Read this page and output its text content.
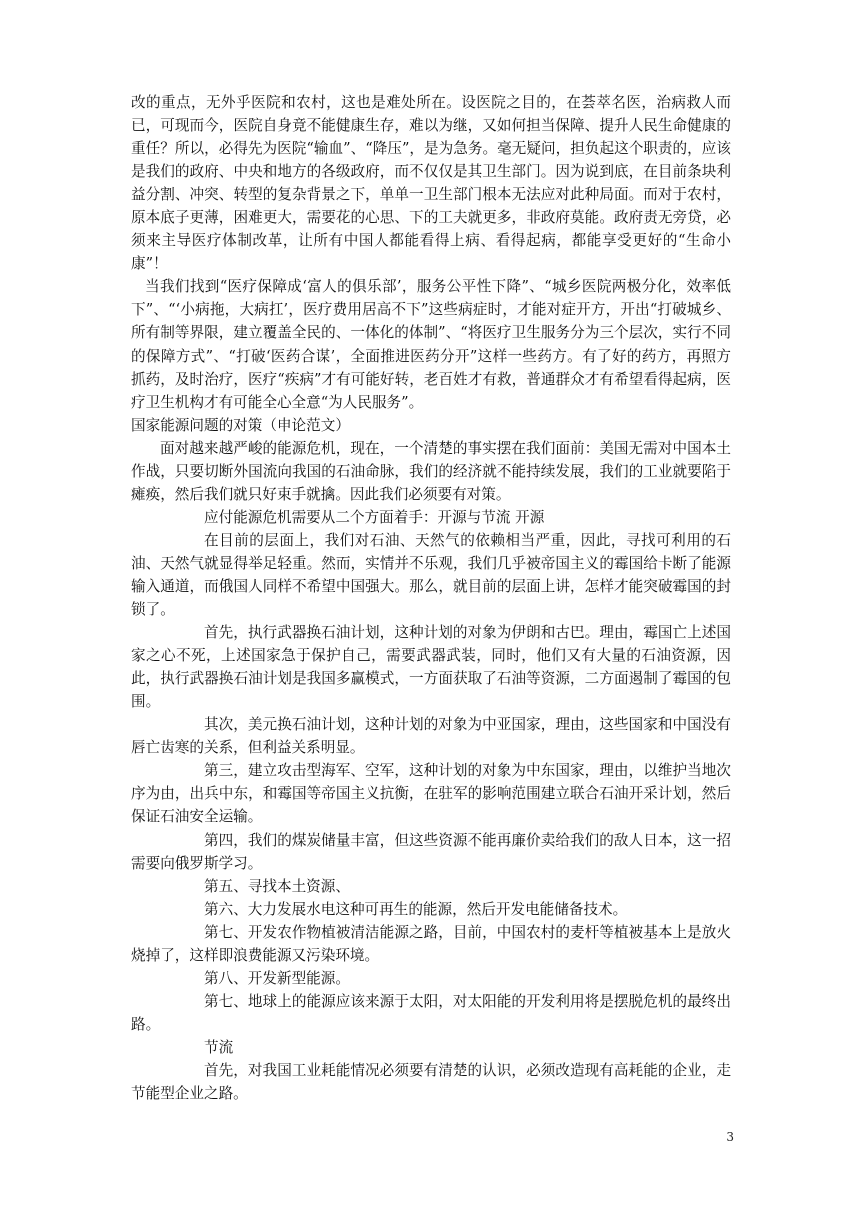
改的重点，无外乎医院和农村，这也是难处所在。设医院之目的，在荟萃名医，治病救人而已，可现而今，医院自身竟不能健康生存，难以为继，又如何担当保障、提升人民生命健康的重任？所以，必得先为医院“输血”、“降压”，是为急务。毫无疑问，担负起这个职责的，应该是我们的政府、中央和地方的各级政府，而不仅仅是其卫生部门。因为说到底，在目前条块利益分割、冲突、转型的复杂背景之下，单单一卫生部门根本无法应对此种局面。而对于农村，原本底子更薄，困难更大，需要花的心思、下的工夫就更多，非政府莫能。政府责无旁贷，必须来主导医疗体制改革，让所有中国人都能看得上病、看得起病，都能享受更好的“生命小康”！

当我们找到“医疗保障成‘富人的俱乐部’，服务公平性下降”、“城乡医院两极分化，效率低下”、“‘小病拖，大病扛’，医疗费用居高不下”这些病症时，才能对症开方，开出“打破城乡、所有制等界限，建立覆盖全民的、一体化的体制”、“将医疗卫生服务分为三个层次，实行不同的保障方式”、“打破‘医药合谋’，全面推进医药分开”这样一些药方。有了好的药方，再照方抓药，及时治疗，医疗“疾病”才有可能好转，老百姓才有救，普通群众才有希望看得起病，医疗卫生机构才有可能全心全意“为人民服务”。

国家能源问题的对策（申论范文）

面对越来越严峻的能源危机，现在，一个清楚的事实摆在我们面前：美国无需对中国本土作战，只要切断外国流向我国的石油命脉，我们的经济就不能持续发展，我们的工业就要陷于瘫痪，然后我们就只好束手就擒。因此我们必须要有对策。

应付能源危机需要从二个方面着手：开源与节流 开源

在目前的层面上，我们对石油、天然气的依赖相当严重，因此，寻找可利用的石油、天然气就显得举足轻重。然而，实情并不乐观，我们几乎被帝国主义的霉国给卡断了能源输入通道，而俄国人同样不希望中国强大。那么，就目前的层面上讲，怎样才能突破霉国的封锁了。

首先，执行武器换石油计划，这种计划的对象为伊朗和古巴。理由，霉国亡上述国家之心不死，上述国家急于保护自己，需要武器武装，同时，他们又有大量的石油资源，因此，执行武器换石油计划是我国多赢模式，一方面获取了石油等资源，二方面遏制了霉国的包围。

其次，美元换石油计划，这种计划的对象为中亚国家，理由，这些国家和中国没有唇亡齿寒的关系，但利益关系明显。

第三，建立攻击型海军、空军，这种计划的对象为中东国家，理由，以维护当地次序为由，出兵中东，和霉国等帝国主义抗衡，在驻军的影响范围建立联合石油开采计划，然后保证石油安全运输。

第四，我们的煤炭储量丰富，但这些资源不能再廉价卖给我们的敌人日本，这一招需要向俄罗斯学习。

第五、寻找本土资源、

第六、大力发展水电这种可再生的能源，然后开发电能储备技术。

第七、开发农作物植被清洁能源之路，目前，中国农村的麦杆等植被基本上是放火烧掉了，这样即浪费能源又污染环境。

第八、开发新型能源。

第七、地球上的能源应该来源于太阳，对太阳能的开发利用将是摆脱危机的最终出路。

节流

首先，对我国工业耗能情况必须要有清楚的认识，必须改造现有高耗能的企业，走节能型企业之路。

3
